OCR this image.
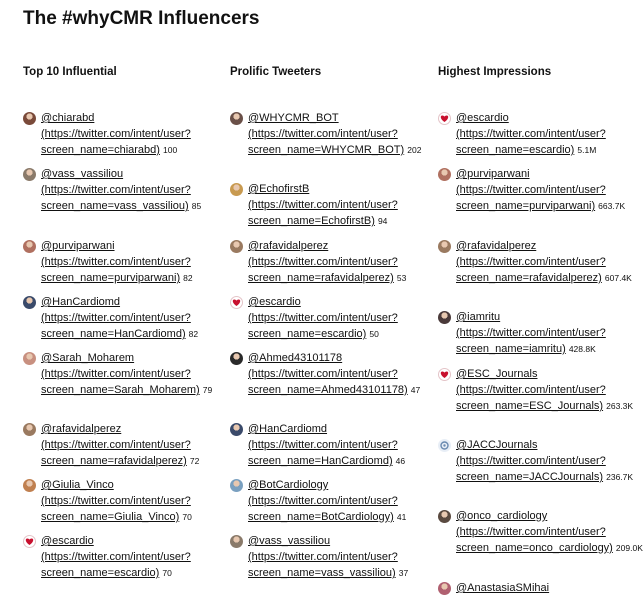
The #whyCMR Influencers
Top 10 Influential
@chiarabd
(https://twitter.com/intent/user?
screen_name=chiarabd) 100
@vass_vassiliou
(https://twitter.com/intent/user?
screen_name=vass_vassiliou) 85
@purviparwani
(https://twitter.com/intent/user?
screen_name=purviparwani) 82
@HanCardiomd
(https://twitter.com/intent/user?
screen_name=HanCardiomd) 82
@Sarah_Moharem
(https://twitter.com/intent/user?
screen_name=Sarah_Moharem) 79
@rafavidalperez
(https://twitter.com/intent/user?
screen_name=rafavidalperez) 72
@Giulia_Vinco
(https://twitter.com/intent/user?
screen_name=Giulia_Vinco) 70
@escardio
(https://twitter.com/intent/user?
screen_name=escardio) 70
Prolific Tweeters
@WHYCMR_BOT
(https://twitter.com/intent/user?
screen_name=WHYCMR_BOT) 202
@EchofirstB
(https://twitter.com/intent/user?
screen_name=EchofirstB) 94
@rafavidalperez
(https://twitter.com/intent/user?
screen_name=rafavidalperez) 53
@escardio
(https://twitter.com/intent/user?
screen_name=escardio) 50
@Ahmed43101178
(https://twitter.com/intent/user?
screen_name=Ahmed43101178) 47
@HanCardiomd
(https://twitter.com/intent/user?
screen_name=HanCardiomd) 46
@BotCardiology
(https://twitter.com/intent/user?
screen_name=BotCardiology) 41
@vass_vassiliou
(https://twitter.com/intent/user?
screen_name=vass_vassiliou) 37
Highest Impressions
@escardio
(https://twitter.com/intent/user?
screen_name=escardio) 5.1M
@purviparwani
(https://twitter.com/intent/user?
screen_name=purviparwani) 663.7K
@rafavidalperez
(https://twitter.com/intent/user?
screen_name=rafavidalperez) 607.4K
@iamritu
(https://twitter.com/intent/user?
screen_name=iamritu) 428.8K
@ESC_Journals
(https://twitter.com/intent/user?
screen_name=ESC_Journals) 263.3K
@JACCJournals
(https://twitter.com/intent/user?
screen_name=JACCJournals) 236.7K
@onco_cardiology
(https://twitter.com/intent/user?
screen_name=onco_cardiology) 209.0K
@AnastasiaSMihai
